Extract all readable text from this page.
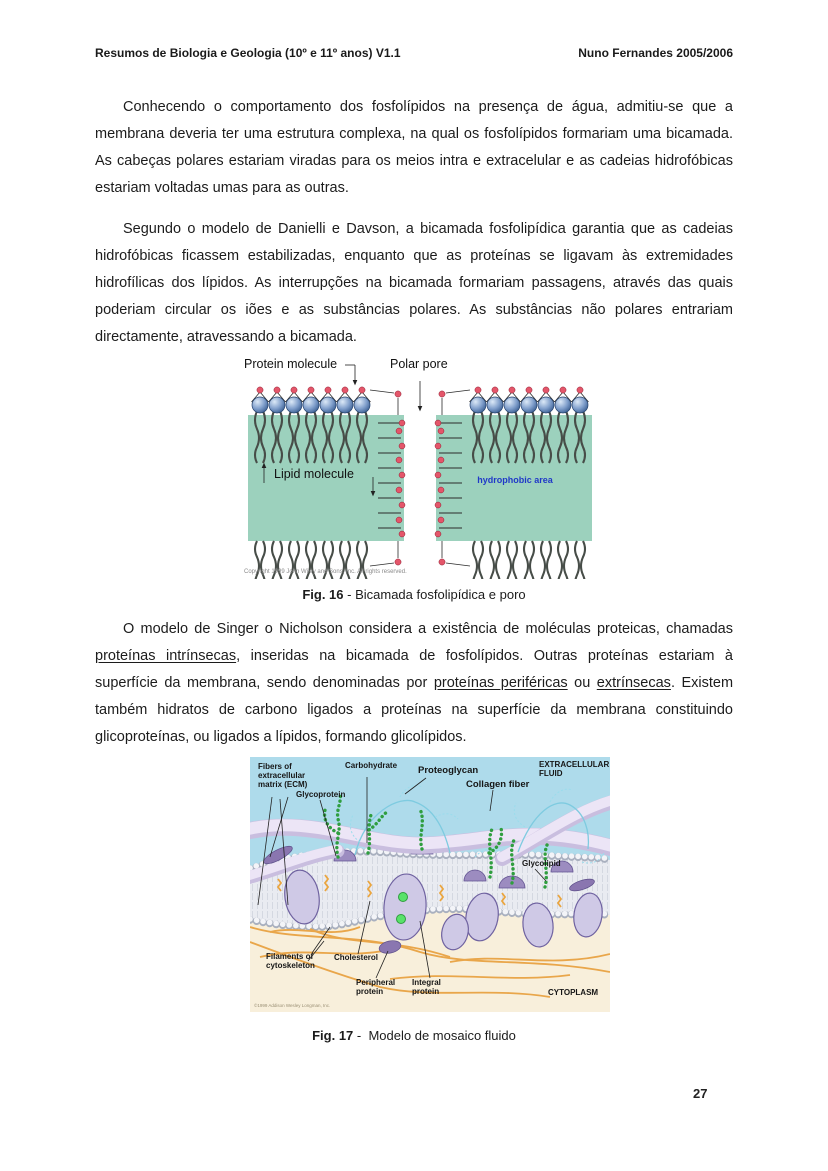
Resumos de Biologia e Geologia (10º e 11º anos) V1.1	Nuno Fernandes 2005/2006

Conhecendo o comportamento dos fosfolípidos na presença de água, admitiu-se que a membrana deveria ter uma estrutura complexa, na qual os fosfolípidos formariam uma bicamada. As cabeças polares estariam viradas para os meios intra e extracelular e as cadeias hidrofóbicas estariam voltadas umas para as outras.

Segundo o modelo de Danielli e Davson, a bicamada fosfolipídica garantia que as cadeias hidrofóbicas ficassem estabilizadas, enquanto que as proteínas se ligavam às extremidades hidrofílicas dos lípidos. As interrupções na bicamada formariam passagens, através das quais poderiam circular os iões e as substâncias polares. As substâncias não polares entrariam directamente, atravessando a bicamada.

Protein molecule	Polar pore
Lipid molecule	hydrophobic area
Copyright 1999 John Wiley and Sons, Inc. All rights reserved.
Fig. 16 - Bicamada fosfolipídica e poro

O modelo de Singer o Nicholson considera a existência de moléculas proteicas, chamadas proteínas intrínsecas, inseridas na bicamada de fosfolípidos. Outras proteínas estariam à superfície da membrana, sendo denominadas por proteínas periféricas ou extrínsecas. Existem também hidratos de carbono ligados a proteínas na superfície da membrana constituindo glicoproteínas, ou ligados a lípidos, formando glicolípidos.

Fibers of extracellular matrix (ECM)
Glycoprotein
Carbohydrate Proteoglycan
Collagen fiber
EXTRACELLULAR FLUID
Glycolipid
Filaments of cytoskeleton
Cholesterol
Peripheral protein
Integral protein	CYTOPLASM
©1999 Addison Wesley Longman, Inc.
Fig. 17 -  Modelo de mosaico fluido
27
